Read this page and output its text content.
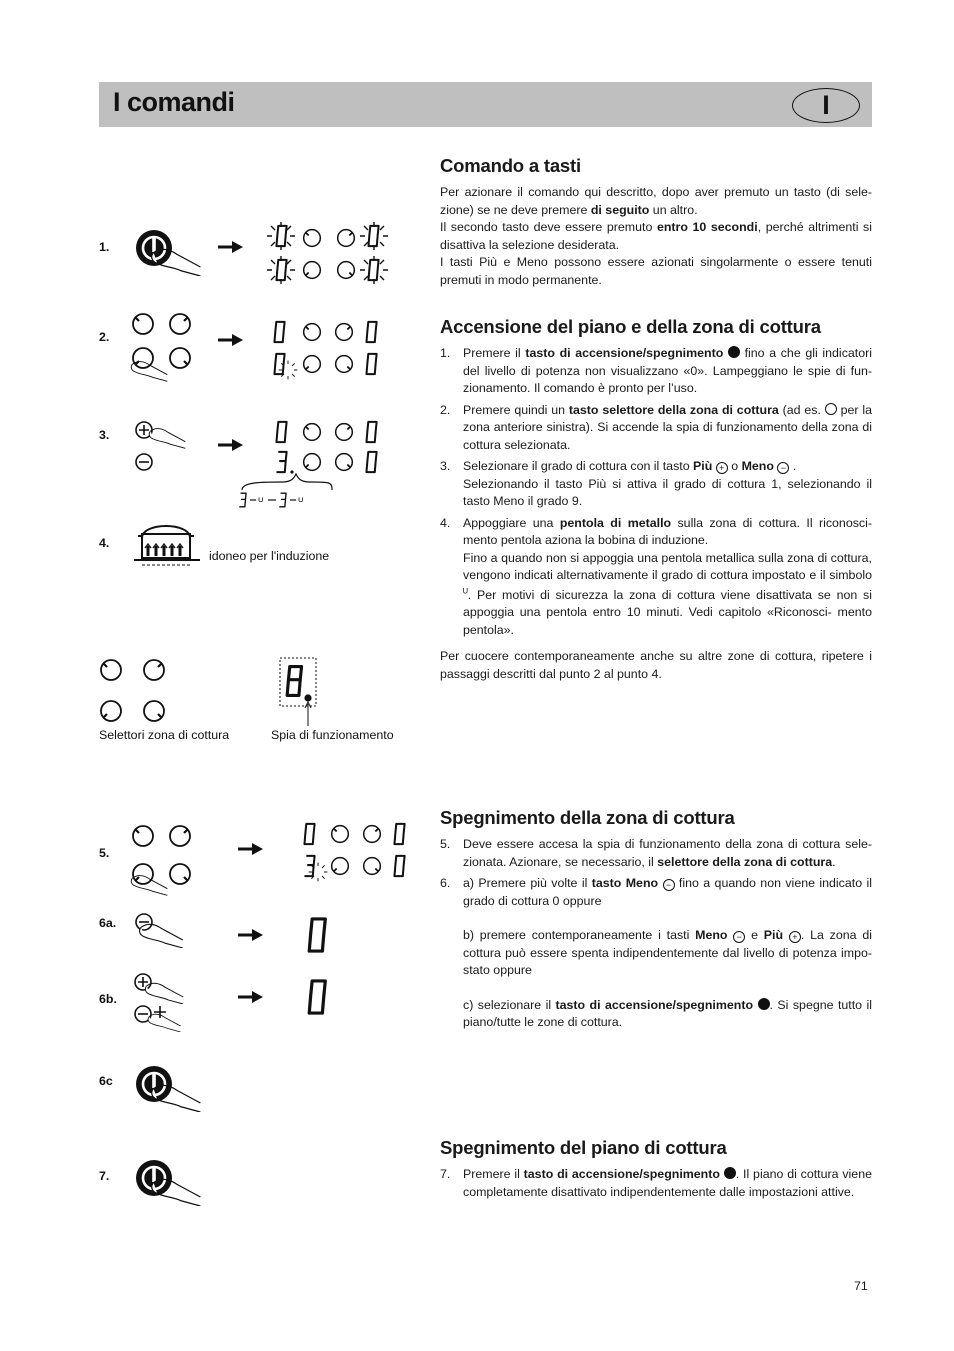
I comandi	I
1.
2.
3.
ᵁ	ᵁ
4.
idoneo per l'induzione
Selettori zona di cottura	Spia di funzionamento
5.
6a.
6b.
6c
7.
Comando a tasti

Per azionare il comando qui descritto, dopo aver premuto un tasto (di sele- zione) se ne deve premere di seguito un altro.

Il secondo tasto deve essere premuto entro 10 secondi, perché altrimenti si disattiva la selezione desiderata.

I tasti Più e Meno possono essere azionati singolarmente o essere tenuti premuti in modo permanente.

Accensione del piano e della zona di cottura
1. Premere il tasto di accensione/spegnimento  fino a che gli indicatori del livello di potenza non visualizzano «0». Lampeggiano le spie di fun- zionamento. Il comando è pronto per l’uso.

2. Premere quindi un tasto selettore della zona di cottura (ad es.  per la zona anteriore sinistra). Si accende la spia di funzionamento della zona di cottura selezionata.

3. Selezionare il grado di cottura con il tasto Più + o Meno − .

Selezionando il tasto Più si attiva il grado di cottura 1, selezionando il tasto Meno il grado 9.

4. Appoggiare una pentola di metallo sulla zona di cottura. Il riconosci- mento pentola aziona la bobina di induzione.

Fino a quando non si appoggia una pentola metallica sulla zona di cottura, vengono indicati alternativamente il grado di cottura impostato e il simbolo ᵁ. Per motivi di sicurezza la zona di cottura viene disattivata se non si appoggia una pentola entro 10 minuti. Vedi capitolo «Riconosci- mento pentola».

Per cuocere contemporaneamente anche su altre zone di cottura, ripetere i passaggi descritti dal punto 2 al punto 4.

Spegnimento della zona di cottura
5. Deve essere accesa la spia di funzionamento della zona di cottura sele- zionata. Azionare, se necessario, il selettore della zona di cottura.

6. a) Premere più volte il tasto Meno − fino a quando non viene indicato il grado di cottura 0 oppure

b) premere contemporaneamente i tasti Meno − e Più + . La zona di cottura può essere spenta indipendentemente dal livello di potenza impo- stato oppure

c) selezionare il tasto di accensione/spegnimento . Si spegne tutto il piano/tutte le zone di cottura.

Spegnimento del piano di cottura
7. Premere il tasto di accensione/spegnimento . Il piano di cottura viene completamente disattivato indipendentemente dalle impostazioni attive.

71
